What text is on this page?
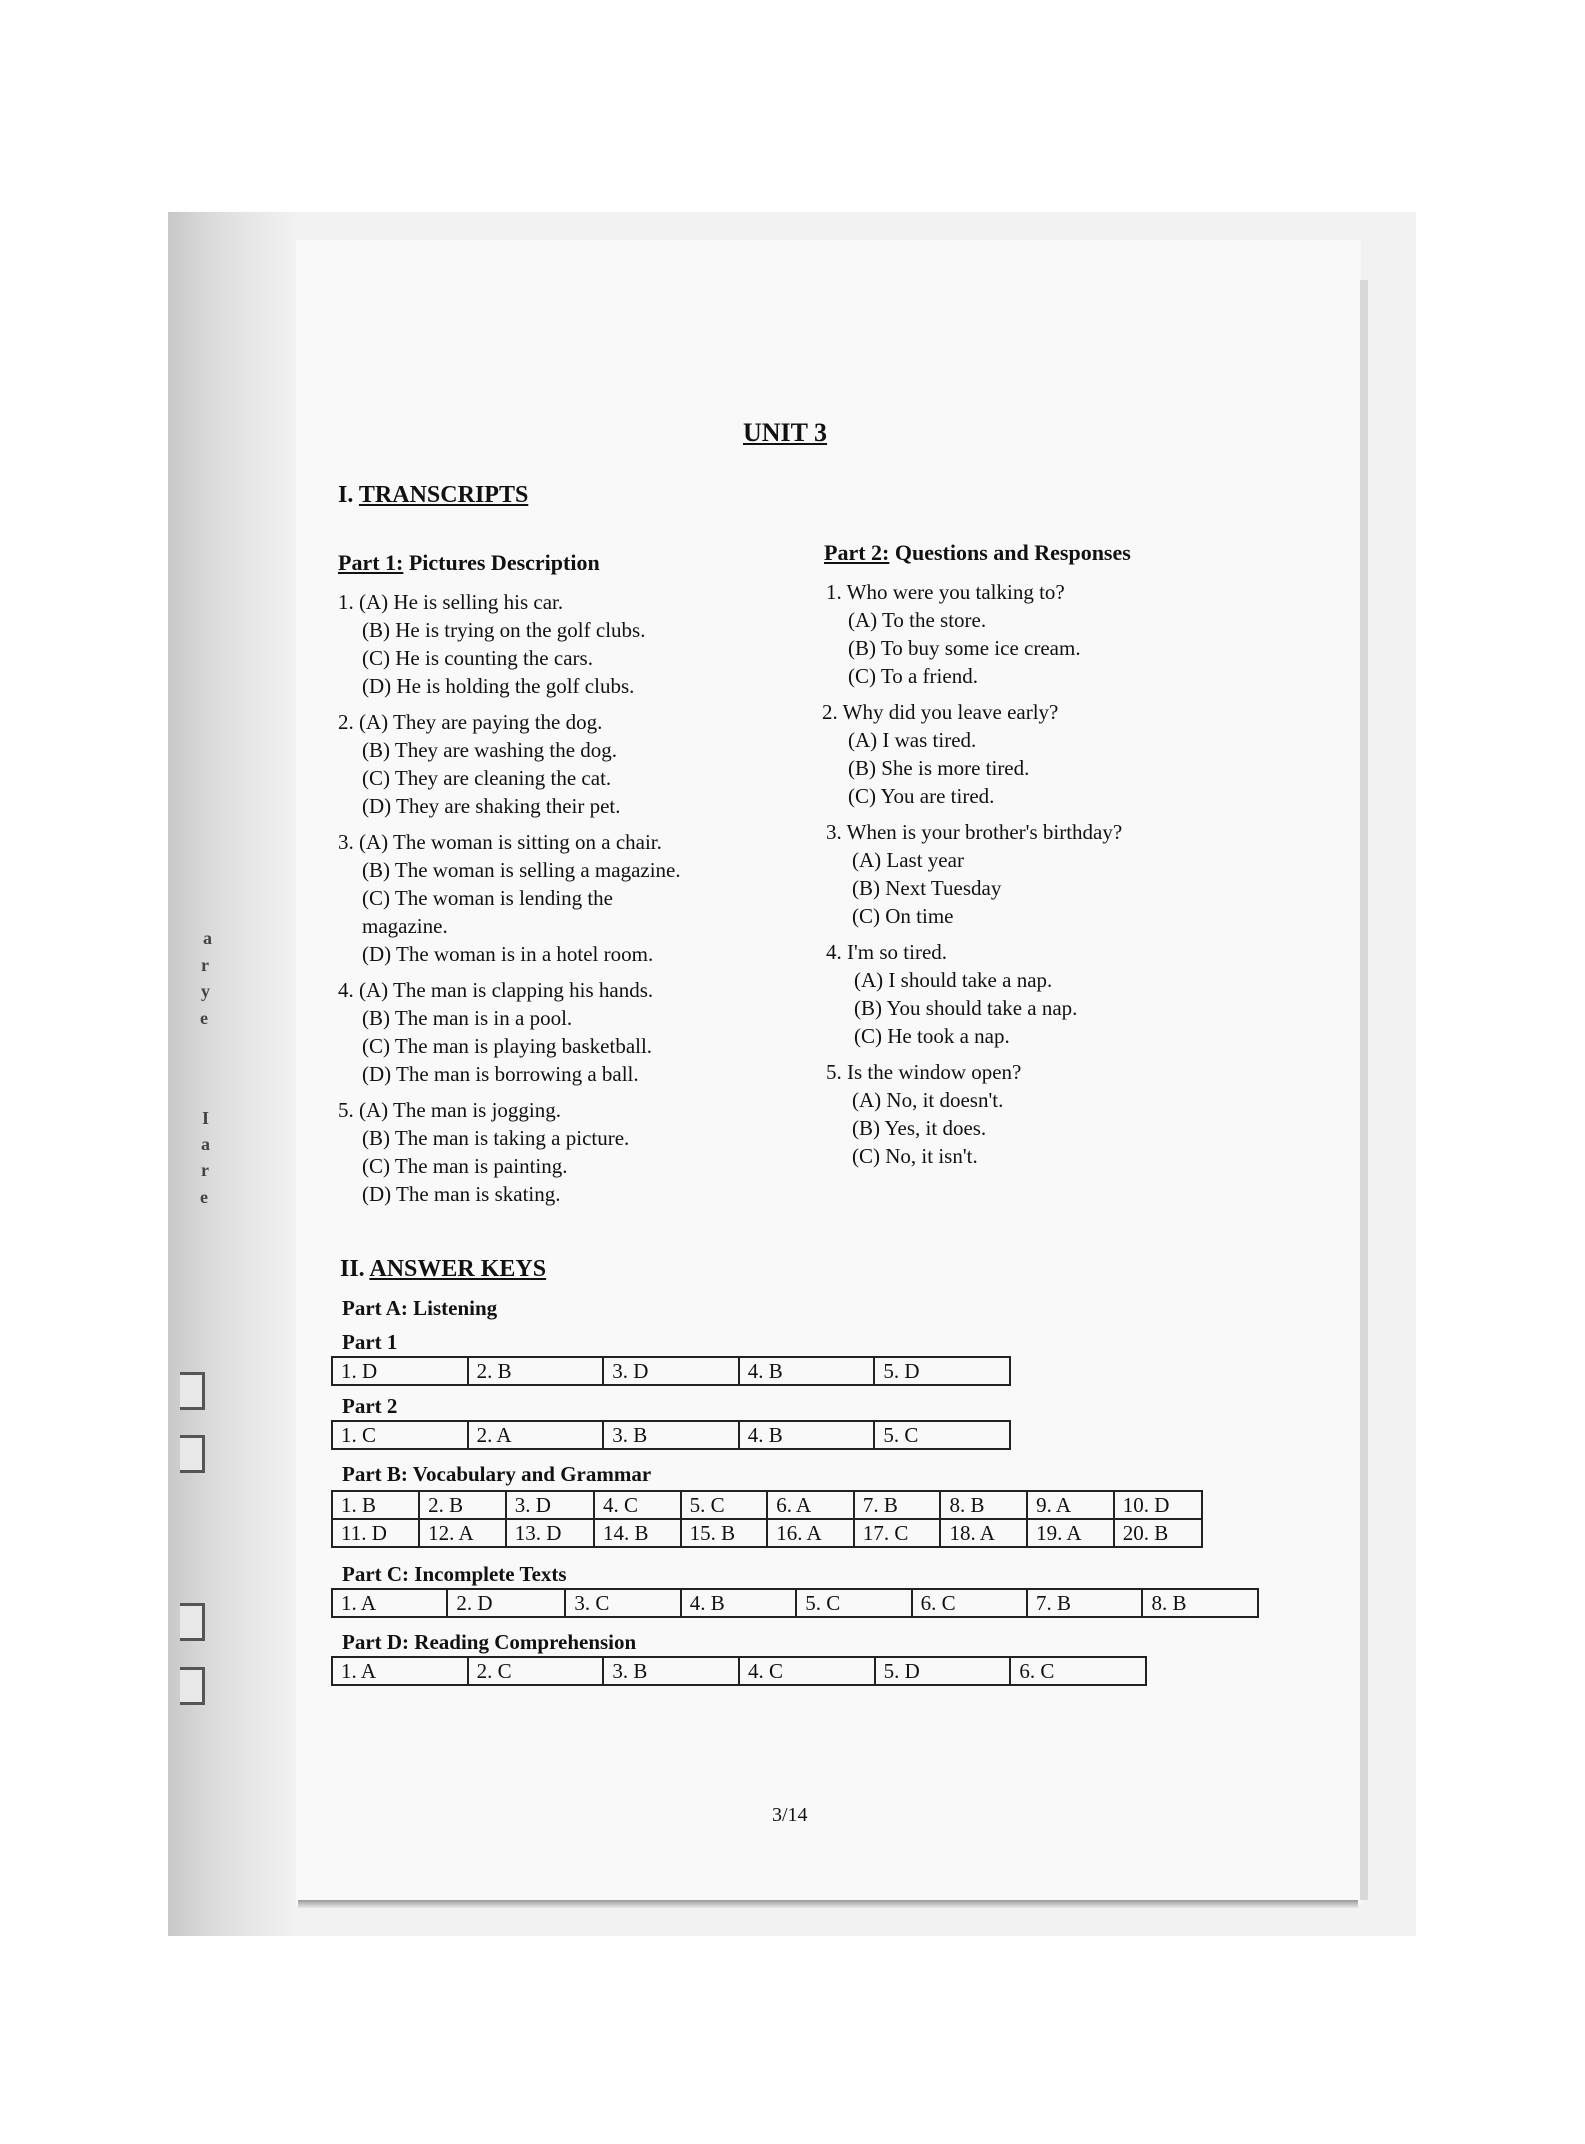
a
r
y
e
I
a
r
e
UNIT 3
I. TRANSCRIPTS
Part 1: Pictures Description
1. (A) He is selling his car.
(B) He is trying on the golf clubs.
(C) He is counting the cars.
(D) He is holding the golf clubs.
2. (A) They are paying the dog.
(B) They are washing the dog.
(C) They are cleaning the cat.
(D) They are shaking their pet.
3. (A) The woman is sitting on a chair.
(B) The woman is selling a magazine.
(C) The woman is lending the
magazine.
(D) The woman is in a hotel room.
4. (A) The man is clapping his hands.
(B) The man is in a pool.
(C) The man is playing basketball.
(D) The man is borrowing a ball.
5. (A) The man is jogging.
(B) The man is taking a picture.
(C) The man is painting.
(D) The man is skating.
Part 2: Questions and Responses
1. Who were you talking to?
(A) To the store.
(B) To buy some ice cream.
(C) To a friend.
2. Why did you leave early?
(A) I was tired.
(B) She is more tired.
(C) You are tired.
3. When is your brother's birthday?
(A) Last year
(B) Next Tuesday
(C) On time
4. I'm so tired.
(A) I should take a nap.
(B) You should take a nap.
(C) He took a nap.
5. Is the window open?
(A) No, it doesn't.
(B) Yes, it does.
(C) No, it isn't.
II. ANSWER KEYS
Part A: Listening
Part 1
1. D	2. B	3. D	4. B	5. D
Part 2
1. C	2. A	3. B	4. B	5. C
Part B: Vocabulary and Grammar
1. B	2. B	3. D	4. C	5. C	6. A	7. B	8. B	9. A	10. D
11. D	12. A	13. D	14. B	15. B	16. A	17. C	18. A	19. A	20. B
Part C: Incomplete Texts
1. A	2. D	3. C	4. B	5. C	6. C	7. B	8. B
Part D: Reading Comprehension
1. A	2. C	3. B	4. C	5. D	6. C
3/14
